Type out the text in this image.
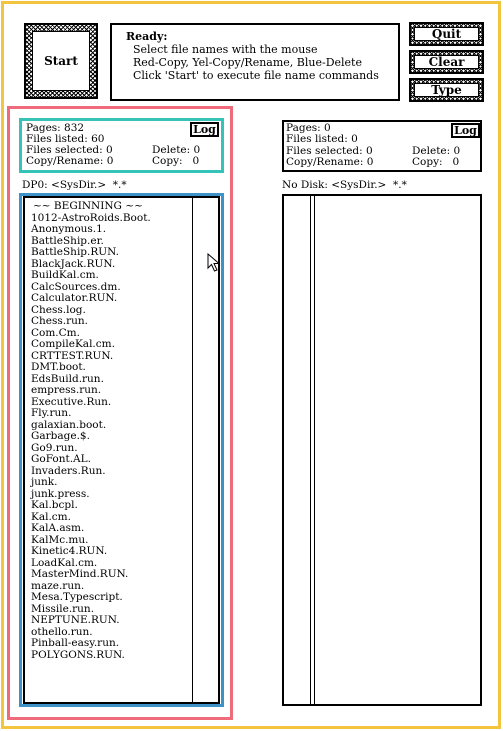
Start
Ready:
Select file names with the mouse
Red-Copy, Yel-Copy/Rename, Blue-Delete
Click 'Start' to execute file name commands
Quit
Clear
Type
--
Pages: 832
Files listed: 60
Files selected: 0	Delete: 0
Copy/Rename: 0	Copy:   0
Log
DP0: <SysDir.>  *.*
~~ BEGINNING ~~
1012-AstroRoids.Boot.
Anonymous.1.
BattleShip.er.
BattleShip.RUN.
BlackJack.RUN.
BuildKal.cm.
CalcSources.dm.
Calculator.RUN.
Chess.log.
Chess.run.
Com.Cm.
CompileKal.cm.
CRTTEST.RUN.
DMT.boot.
EdsBuild.run.
empress.run.
Executive.Run.
Fly.run.
galaxian.boot.
Garbage.$.
Go9.run.
GoFont.AL.
Invaders.Run.
junk.
junk.press.
Kal.bcpl.
Kal.cm.
KalA.asm.
KalMc.mu.
Kinetic4.RUN.
LoadKal.cm.
MasterMind.RUN.
maze.run.
Mesa.Typescript.
Missile.run.
NEPTUNE.RUN.
othello.run.
Pinball-easy.run.
POLYGONS.RUN.
Pages: 0
Files listed: 0
Files selected: 0	Delete: 0
Copy/Rename: 0	Copy:   0
Log
No Disk: <SysDir.>  *.*
